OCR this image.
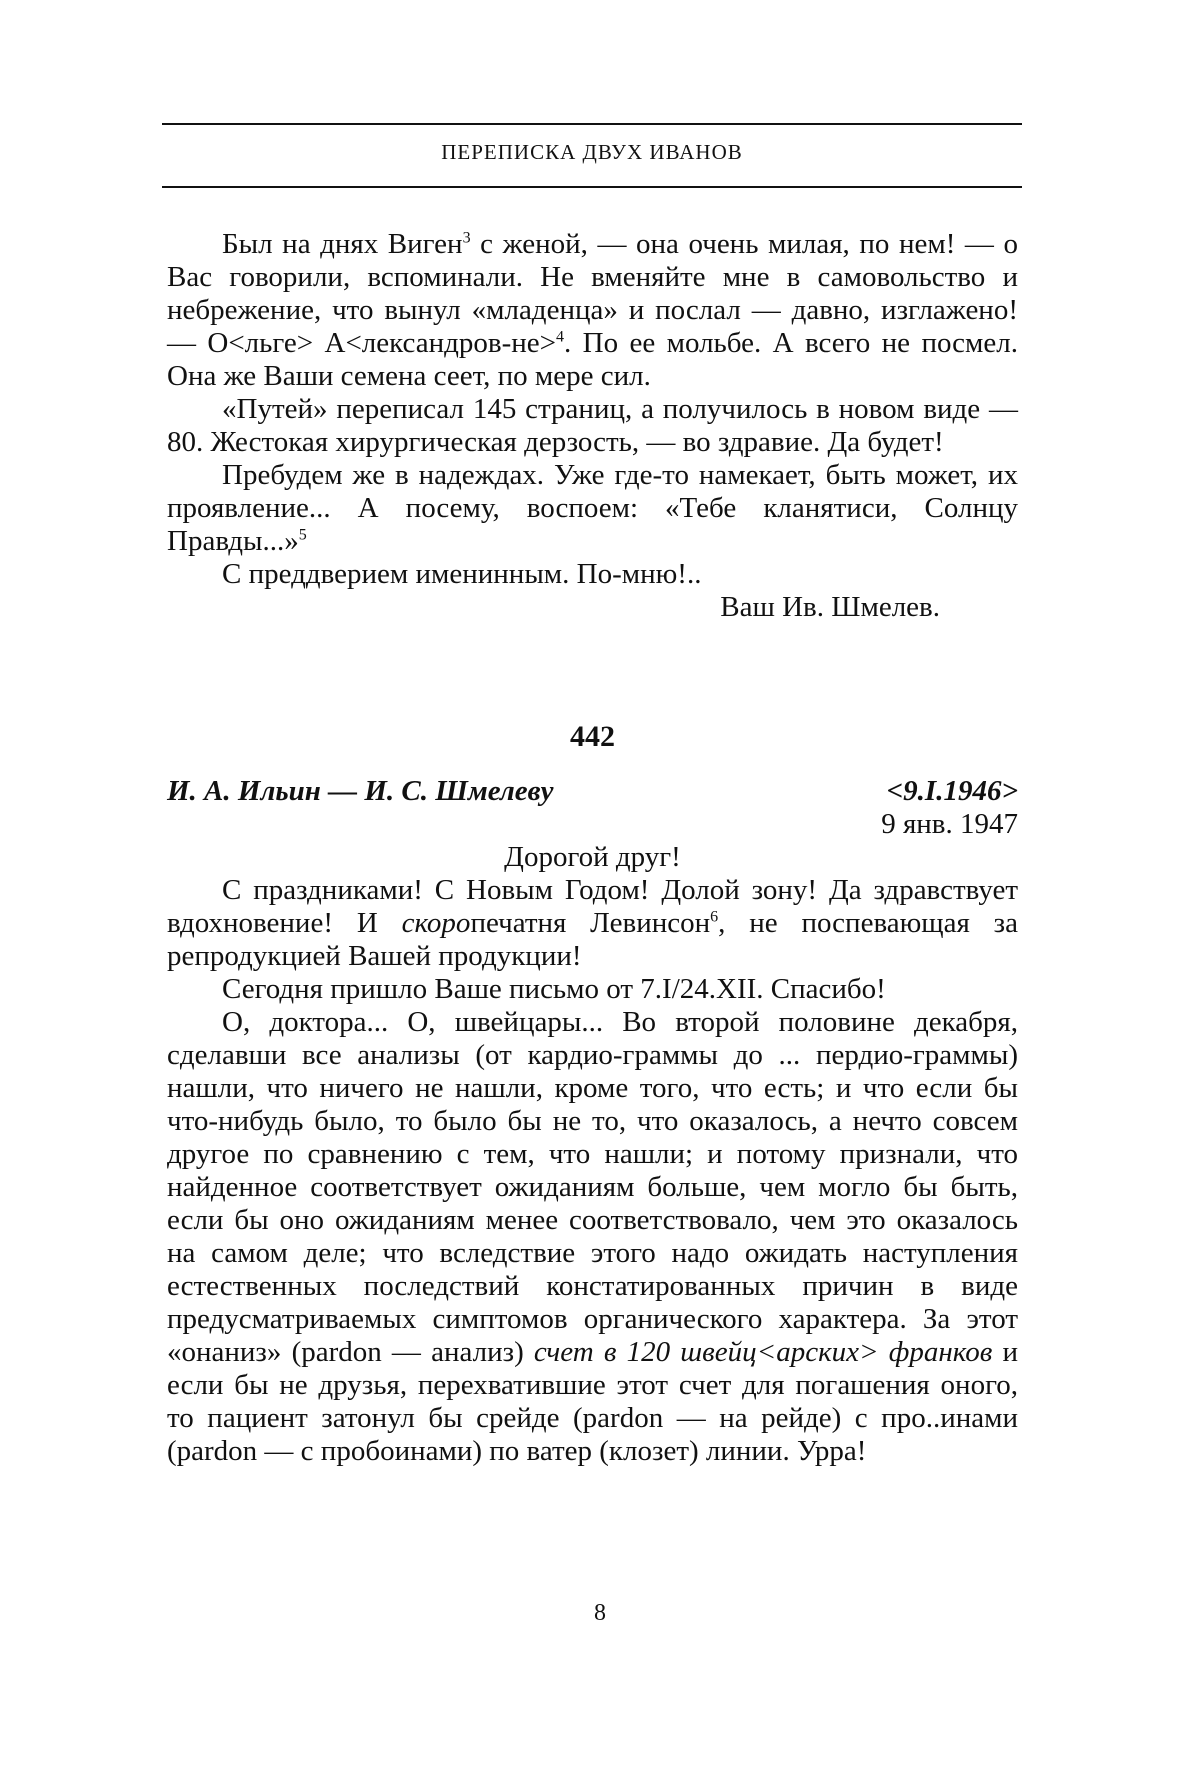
ПЕРЕПИСКА ДВУХ ИВАНОВ

Был на днях Виген$^3$ с женой, — она очень милая, по нем! — о Вас говорили, вспоминали. Не вменяйте мне в самовольство и небрежение, что вынул «младенца» и послал — давно, изглажено! — О<льге> А<лександров-не>$^4$. По ее мольбе. А всего не посмел. Она же Ваши семена сеет, по мере сил.

«Путей» переписал 145 страниц, а получилось в новом виде — 80. Жестокая хирургическая дерзость, — во здравие. Да будет!

Пребудем же в надеждах. Уже где-то намекает, быть может, их проявление... А посему, воспоем: «Тебе кланятиси, Солнцу Правды...»$^5$

С преддверием именинным. По-мню!..

Ваш Ив. Шмелев.
442
И. А. Ильин — И. С. Шмелеву	<9.I.1946>
9 янв. 1947
Дорогой друг!

С праздниками! С Новым Годом! Долой зону! Да здравствует вдохновение! И скоропечатня Левинсон$^6$, не поспевающая за репродукцией Вашей продукции!

Сегодня пришло Ваше письмо от 7.I/24.XII. Спасибо!

О, доктора... О, швейцары... Во второй половине декабря, сделавши все анализы (от кардио-граммы до ... пердио-граммы) нашли, что ничего не нашли, кроме того, что есть; и что если бы что-нибудь было, то было бы не то, что оказалось, а нечто совсем другое по сравнению с тем, что нашли; и потому признали, что найденное соответствует ожиданиям больше, чем могло бы быть, если бы оно ожиданиям менее соответствовало, чем это оказалось на самом деле; что вследствие этого надо ожидать наступления естественных последствий констатированных причин в виде предусматриваемых симптомов органического характера. За этот «онаниз» (pardon — анализ) счет в 120 швейц<арских> франков и если бы не друзья, перехватившие этот счет для погашения оного, то пациент затонул бы срейде (pardon — на рейде) с про..инами (pardon — с пробоинами) по ватер (клозет) линии. Урра!

8
